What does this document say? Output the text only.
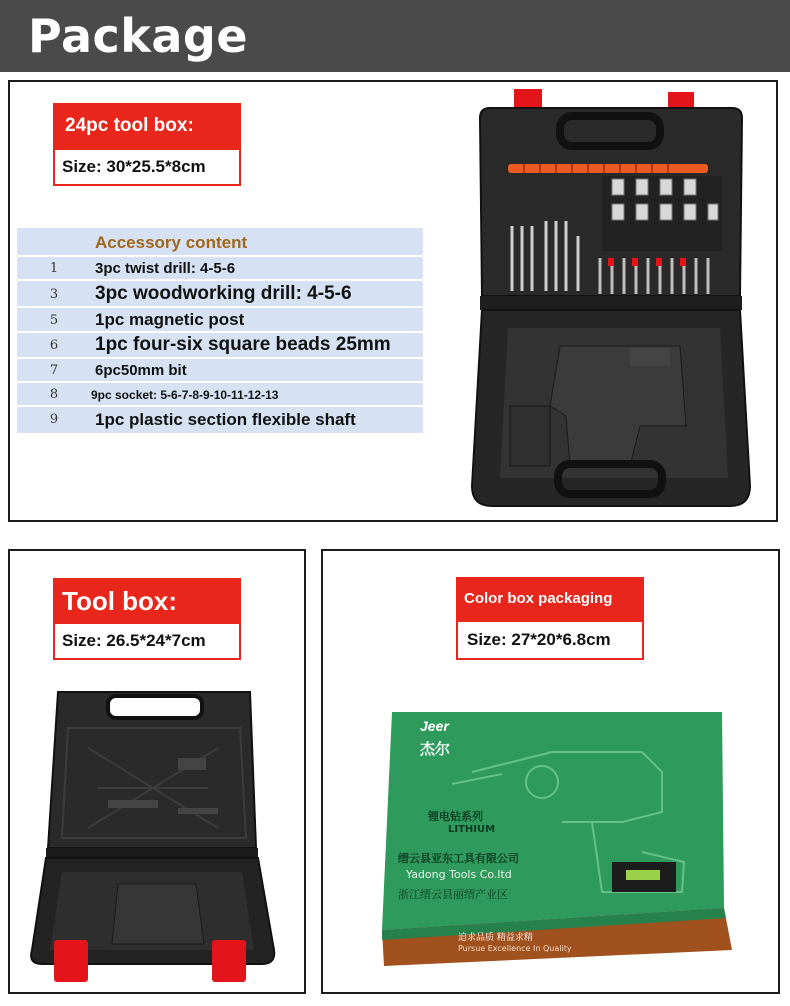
Package
24pc tool box:
Size: 30*25.5*8cm
Accessory content
1	3pc twist drill: 4-5-6
3	3pc woodworking drill: 4-5-6
5	1pc magnetic post
6	1pc four-six square beads 25mm
7	6pc50mm bit
8	9pc socket: 5-6-7-8-9-10-11-12-13
9	1pc plastic section flexible shaft
Tool box:
Size: 26.5*24*7cm
Color box packaging
Size: 27*20*6.8cm
Jeer
杰尔
锂电钻系列
LITHIUM
缙云县亚东工具有限公司
Yadong Tools Co.ltd
浙江缙云县丽缙产业区
追求品质 精益求精
Pursue Excellence In Quality
